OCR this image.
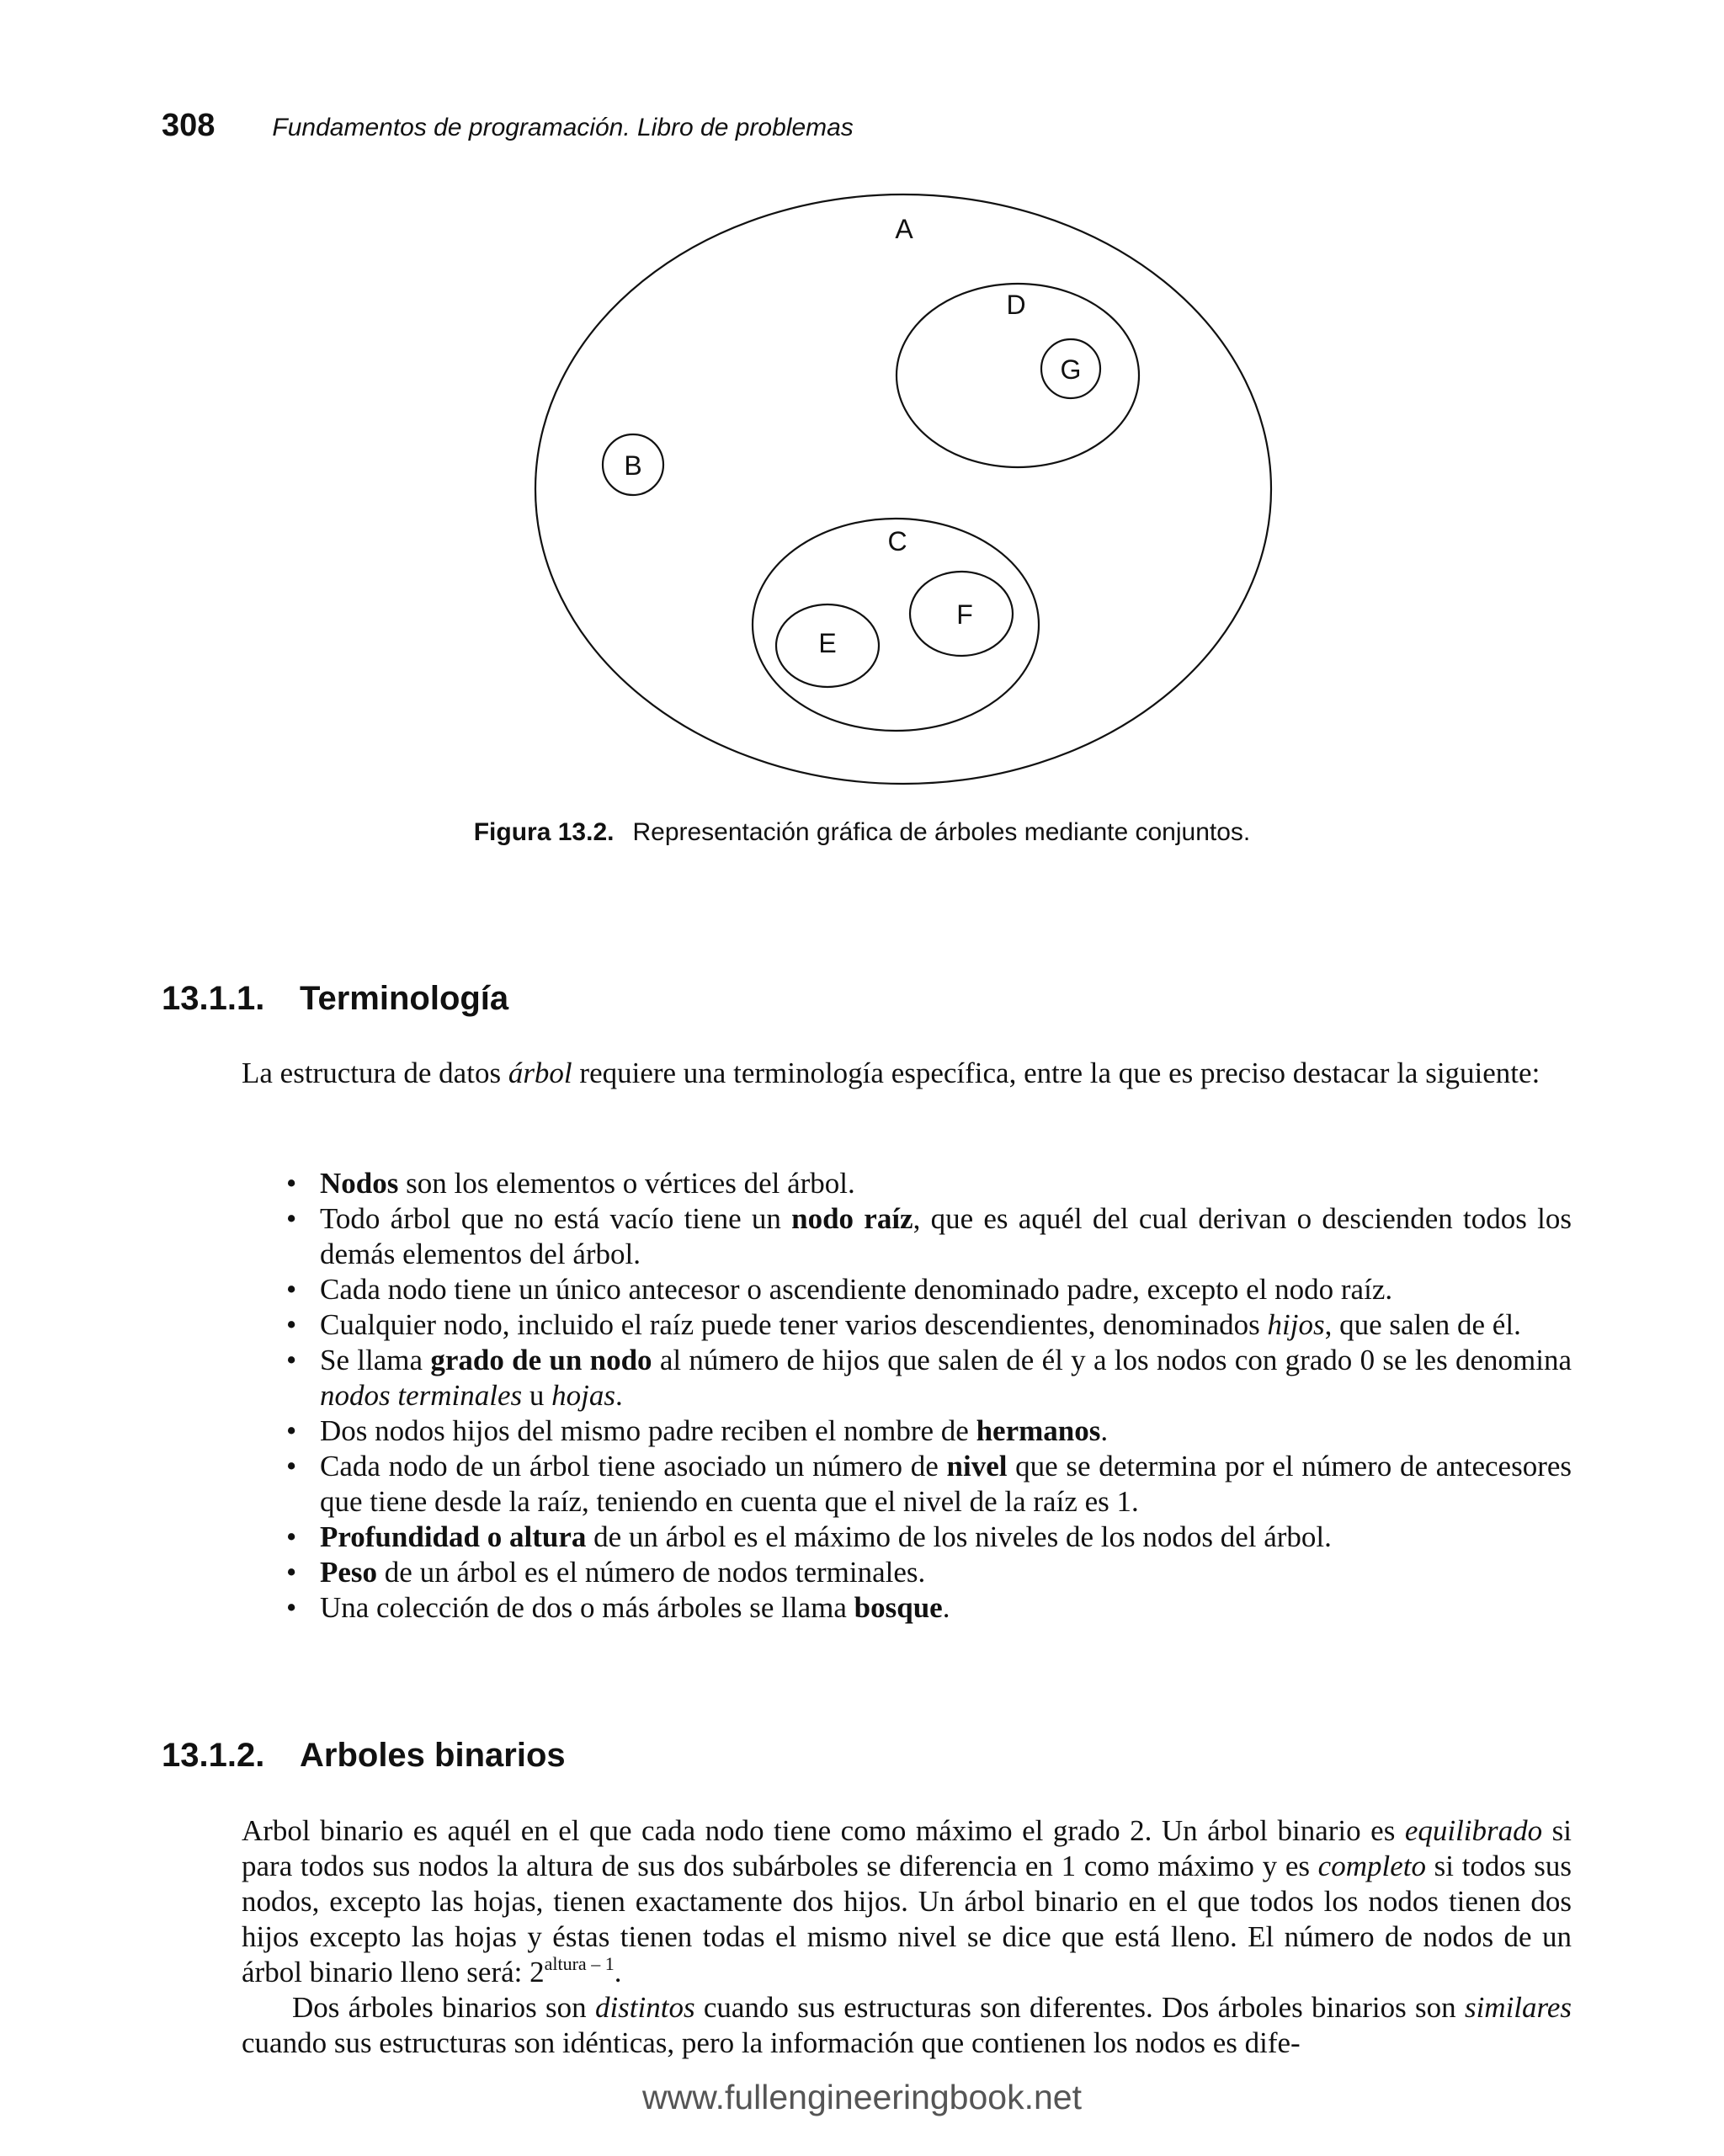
308 Fundamentos de programación. Libro de problemas
A
D
G
B
C
F
E
Figura 13.2. Representación gráfica de árboles mediante conjuntos.
13.1.1. Terminología

La estructura de datos árbol requiere una terminología específica, entre la que es preciso destacar la siguiente:

• Nodos son los elementos o vértices del árbol.
• Todo árbol que no está vacío tiene un nodo raíz, que es aquél del cual derivan o descienden todos los demás elementos del árbol.
• Cada nodo tiene un único antecesor o ascendiente denominado padre, excepto el nodo raíz.
• Cualquier nodo, incluido el raíz puede tener varios descendientes, denominados hijos, que salen de él.
• Se llama grado de un nodo al número de hijos que salen de él y a los nodos con grado 0 se les denomina nodos terminales u hojas.
• Dos nodos hijos del mismo padre reciben el nombre de hermanos.
• Cada nodo de un árbol tiene asociado un número de nivel que se determina por el número de antecesores que tiene desde la raíz, teniendo en cuenta que el nivel de la raíz es 1.
• Profundidad o altura de un árbol es el máximo de los niveles de los nodos del árbol.
• Peso de un árbol es el número de nodos terminales.
• Una colección de dos o más árboles se llama bosque.
13.1.2. Arboles binarios

Arbol binario es aquél en el que cada nodo tiene como máximo el grado 2. Un árbol binario es equilibrado si para todos sus nodos la altura de sus dos subárboles se diferencia en 1 como máximo y es completo si todos sus nodos, excepto las hojas, tienen exactamente dos hijos. Un árbol binario en el que todos los nodos tienen dos hijos excepto las hojas y éstas tienen todas el mismo nivel se dice que está lleno. El número de nodos de un árbol binario lleno será: $2^{altura - 1}$.

Dos árboles binarios son distintos cuando sus estructuras son diferentes. Dos árboles binarios son similares cuando sus estructuras son idénticas, pero la información que contienen los nodos es dife-

www.fullengineeringbook.net
